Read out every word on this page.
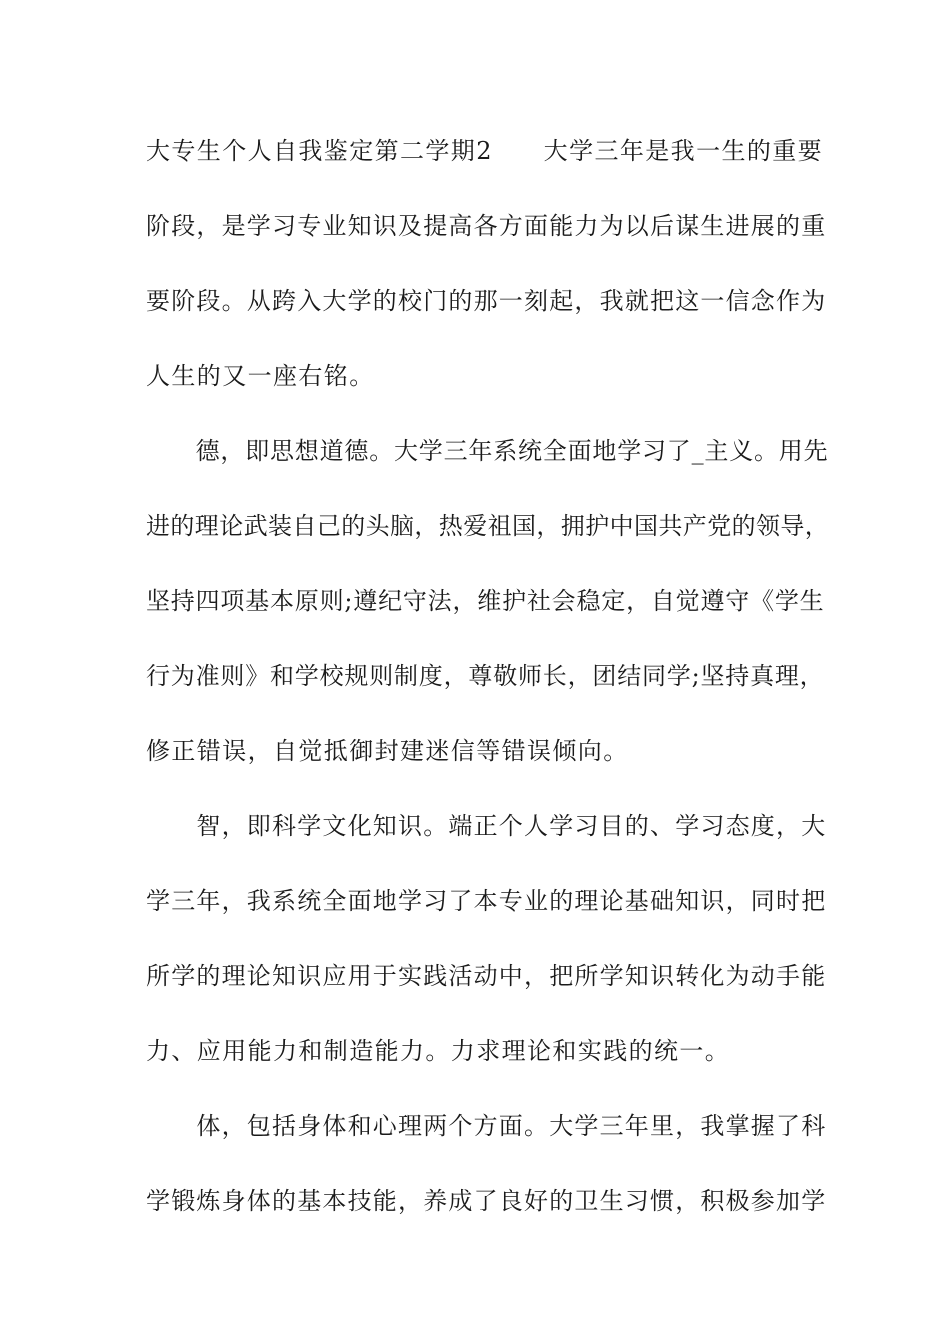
大专生个人自我鉴定第二学期2　　大学三年是我一生的重要

阶段，是学习专业知识及提高各方面能力为以后谋生进展的重

要阶段。从跨入大学的校门的那一刻起，我就把这一信念作为

人生的又一座右铭。

　　德，即思想道德。大学三年系统全面地学习了_主义。用先

进的理论武装自己的头脑，热爱祖国，拥护中国共产党的领导，

坚持四项基本原则;遵纪守法，维护社会稳定，自觉遵守《学生

行为准则》和学校规则制度，尊敬师长，团结同学;坚持真理，

修正错误，自觉抵御封建迷信等错误倾向。

　　智，即科学文化知识。端正个人学习目的、学习态度，大

学三年，我系统全面地学习了本专业的理论基础知识，同时把

所学的理论知识应用于实践活动中，把所学知识转化为动手能

力、应用能力和制造能力。力求理论和实践的统一。

　　体，包括身体和心理两个方面。大学三年里，我掌握了科

学锻炼身体的基本技能，养成了良好的卫生习惯，积极参加学
